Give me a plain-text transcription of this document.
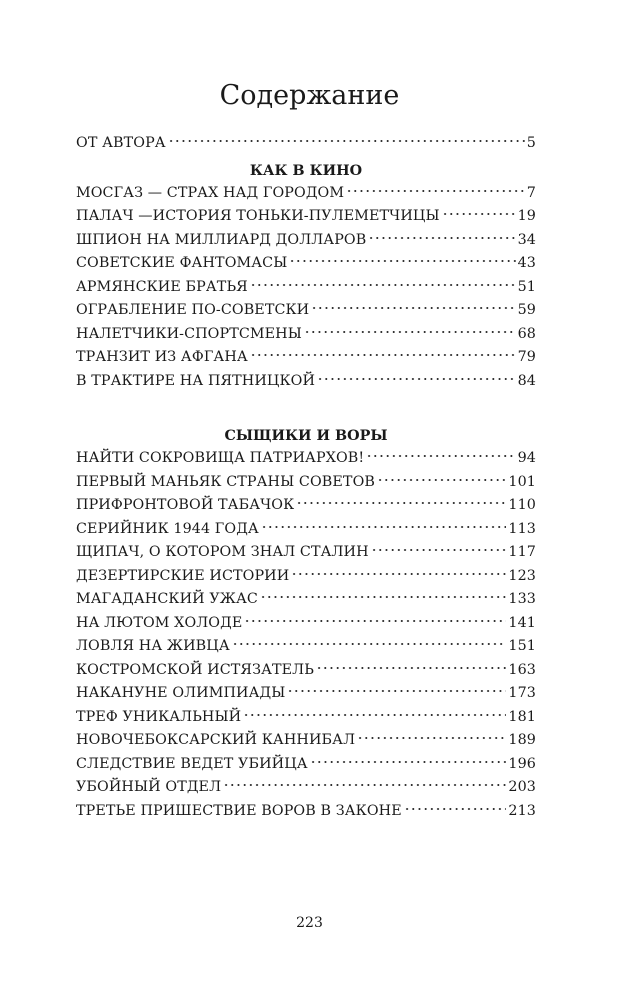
Содержание
ОТ АВТОРА	5
КАК В КИНО
МОСГАЗ — СТРАХ НАД ГОРОДОМ	7
ПАЛАЧ —ИСТОРИЯ ТОНЬКИ-ПУЛЕМЕТЧИЦЫ	19
ШПИОН НА МИЛЛИАРД ДОЛЛАРОВ	34
СОВЕТСКИЕ ФАНТОМАСЫ	43
АРМЯНСКИЕ БРАТЬЯ	51
ОГРАБЛЕНИЕ ПО-СОВЕТСКИ	59
НАЛЕТЧИКИ-СПОРТСМЕНЫ	68
ТРАНЗИТ ИЗ АФГАНА	79
В ТРАКТИРЕ НА ПЯТНИЦКОЙ	84
СЫЩИКИ И ВОРЫ
НАЙТИ СОКРОВИЩА ПАТРИАРХОВ!	94
ПЕРВЫЙ МАНЬЯК СТРАНЫ СОВЕТОВ	101
ПРИФРОНТОВОЙ ТАБАЧОК	110
СЕРИЙНИК 1944 ГОДА	113
ЩИПАЧ, О КОТОРОМ ЗНАЛ СТАЛИН	117
ДЕЗЕРТИРСКИЕ ИСТОРИИ	123
МАГАДАНСКИЙ УЖАС	133
НА ЛЮТОМ ХОЛОДЕ	141
ЛОВЛЯ НА ЖИВЦА	151
КОСТРОМСКОЙ ИСТЯЗАТЕЛЬ	163
НАКАНУНЕ ОЛИМПИАДЫ	173
ТРЕФ УНИКАЛЬНЫЙ	181
НОВОЧЕБОКСАРСКИЙ КАННИБАЛ	189
СЛЕДСТВИЕ ВЕДЕТ УБИЙЦА	196
УБОЙНЫЙ ОТДЕЛ	203
ТРЕТЬЕ ПРИШЕСТВИЕ ВОРОВ В ЗАКОНЕ	213
223
